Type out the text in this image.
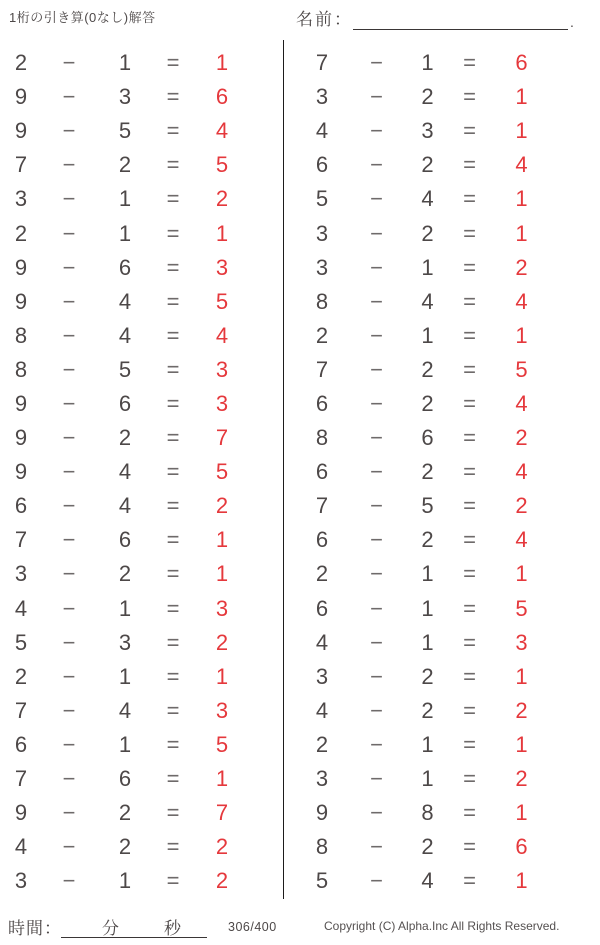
1桁の引き算(0なし)解答	名前：	.
2	−	1	=	1
9	−	3	=	6
9	−	5	=	4
7	−	2	=	5
3	−	1	=	2
2	−	1	=	1
9	−	6	=	3
9	−	4	=	5
8	−	4	=	4
8	−	5	=	3
9	−	6	=	3
9	−	2	=	7
9	−	4	=	5
6	−	4	=	2
7	−	6	=	1
3	−	2	=	1
4	−	1	=	3
5	−	3	=	2
2	−	1	=	1
7	−	4	=	3
6	−	1	=	5
7	−	6	=	1
9	−	2	=	7
4	−	2	=	2
3	−	1	=	2
7	−	1	=	6
3	−	2	=	1
4	−	3	=	1
6	−	2	=	4
5	−	4	=	1
3	−	2	=	1
3	−	1	=	2
8	−	4	=	4
2	−	1	=	1
7	−	2	=	5
6	−	2	=	4
8	−	6	=	2
6	−	2	=	4
7	−	5	=	2
6	−	2	=	4
2	−	1	=	1
6	−	1	=	5
4	−	1	=	3
3	−	2	=	1
4	−	2	=	2
2	−	1	=	1
3	−	1	=	2
9	−	8	=	1
8	−	2	=	6
5	−	4	=	1
時間： 分	秒	306/400	Copyright (C) Alpha.Inc All Rights Reserved.
